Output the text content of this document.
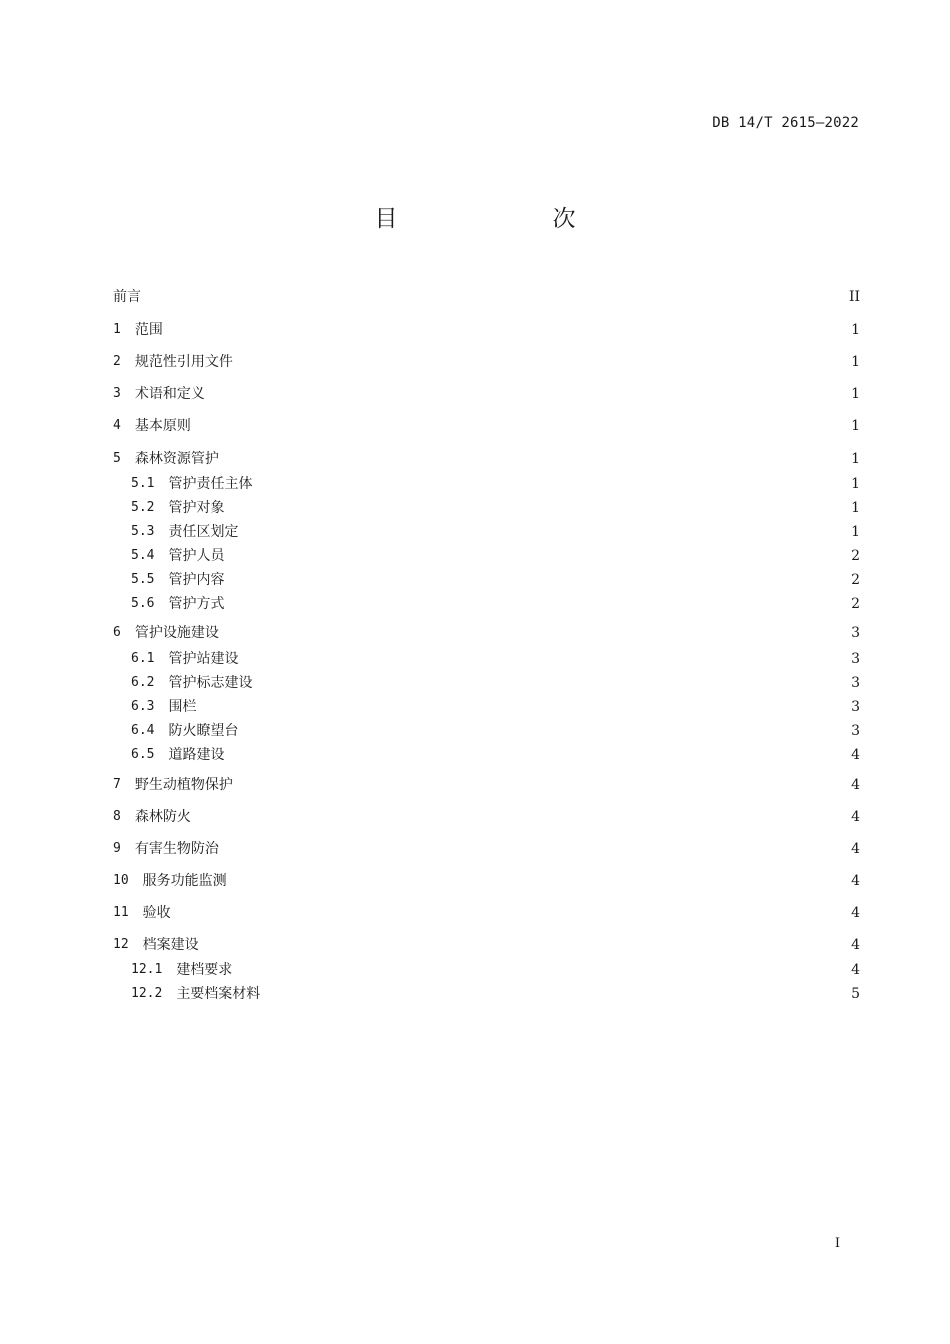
DB 14/T 2615—2022
目　次
前言	II
1 范围	1
2 规范性引用文件	1
3 术语和定义	1
4 基本原则	1
5 森林资源管护	1
5.1 管护责任主体	1
5.2 管护对象	1
5.3 责任区划定	1
5.4 管护人员	2
5.5 管护内容	2
5.6 管护方式	2
6 管护设施建设	3
6.1 管护站建设	3
6.2 管护标志建设	3
6.3 围栏	3
6.4 防火瞭望台	3
6.5 道路建设	4
7 野生动植物保护	4
8 森林防火	4
9 有害生物防治	4
10 服务功能监测	4
11 验收	4
12 档案建设	4
12.1 建档要求	4
12.2 主要档案材料	5
I
